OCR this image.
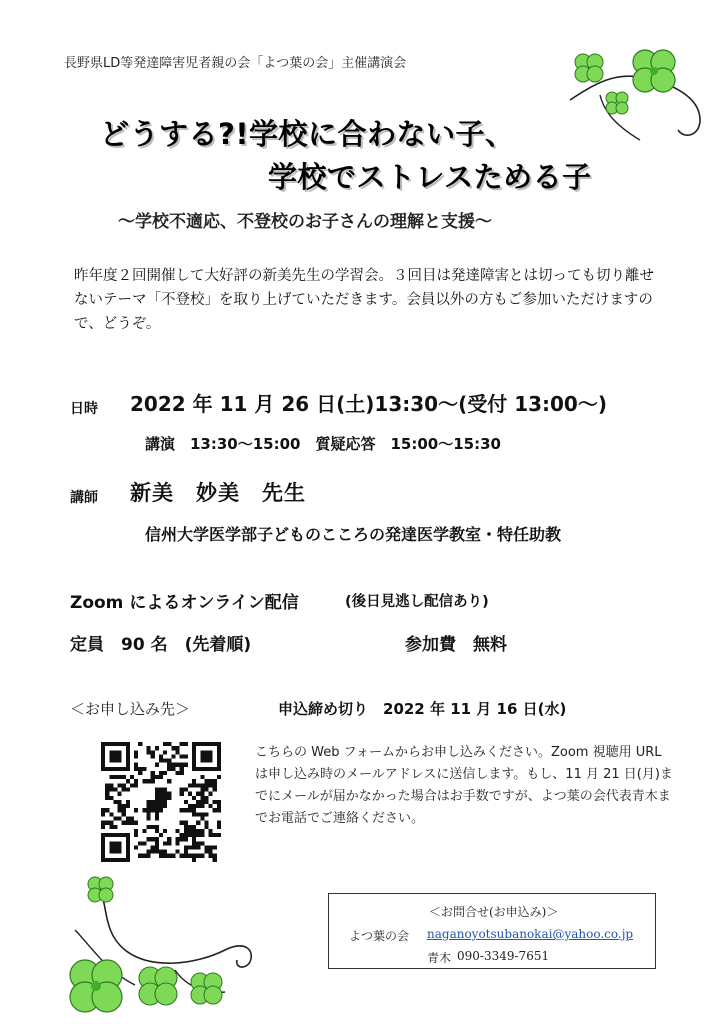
長野県LD等発達障害児者親の会「よつ葉の会」主催講演会
どうする?!学校に合わない子、
学校でストレスためる子
～学校不適応、不登校のお子さんの理解と支援～
昨年度２回開催して大好評の新美先生の学習会。３回目は発達障害とは切っても切り離せないテーマ「不登校」を取り上げていただきます。会員以外の方もご参加いただけますので、どうぞ。
日時 2022 年 11 月 26 日(土)13:30～(受付 13:00～)
講演　13:30～15:00　質疑応答　15:00～15:30
講師 新美　妙美　先生
信州大学医学部子どものこころの発達医学教室・特任助教
Zoom によるオンライン配信	(後日見逃し配信あり)
定員　90 名　(先着順)	参加費　無料
＜お申し込み先＞	申込締め切り　2022 年 11 月 16 日(水)
こちらの Web フォームからお申し込みください。Zoom 視聴用 URL は申し込み時のメールアドレスに送信します。もし、11 月 21 日(月)までにメールが届かなかった場合はお手数ですが、よつ葉の会代表青木までお電話でご連絡ください。
＜お問合せ(お申込み)＞
よつ葉の会 naganoyotsubanokai@yahoo.co.jp
青木 090-3349-7651
